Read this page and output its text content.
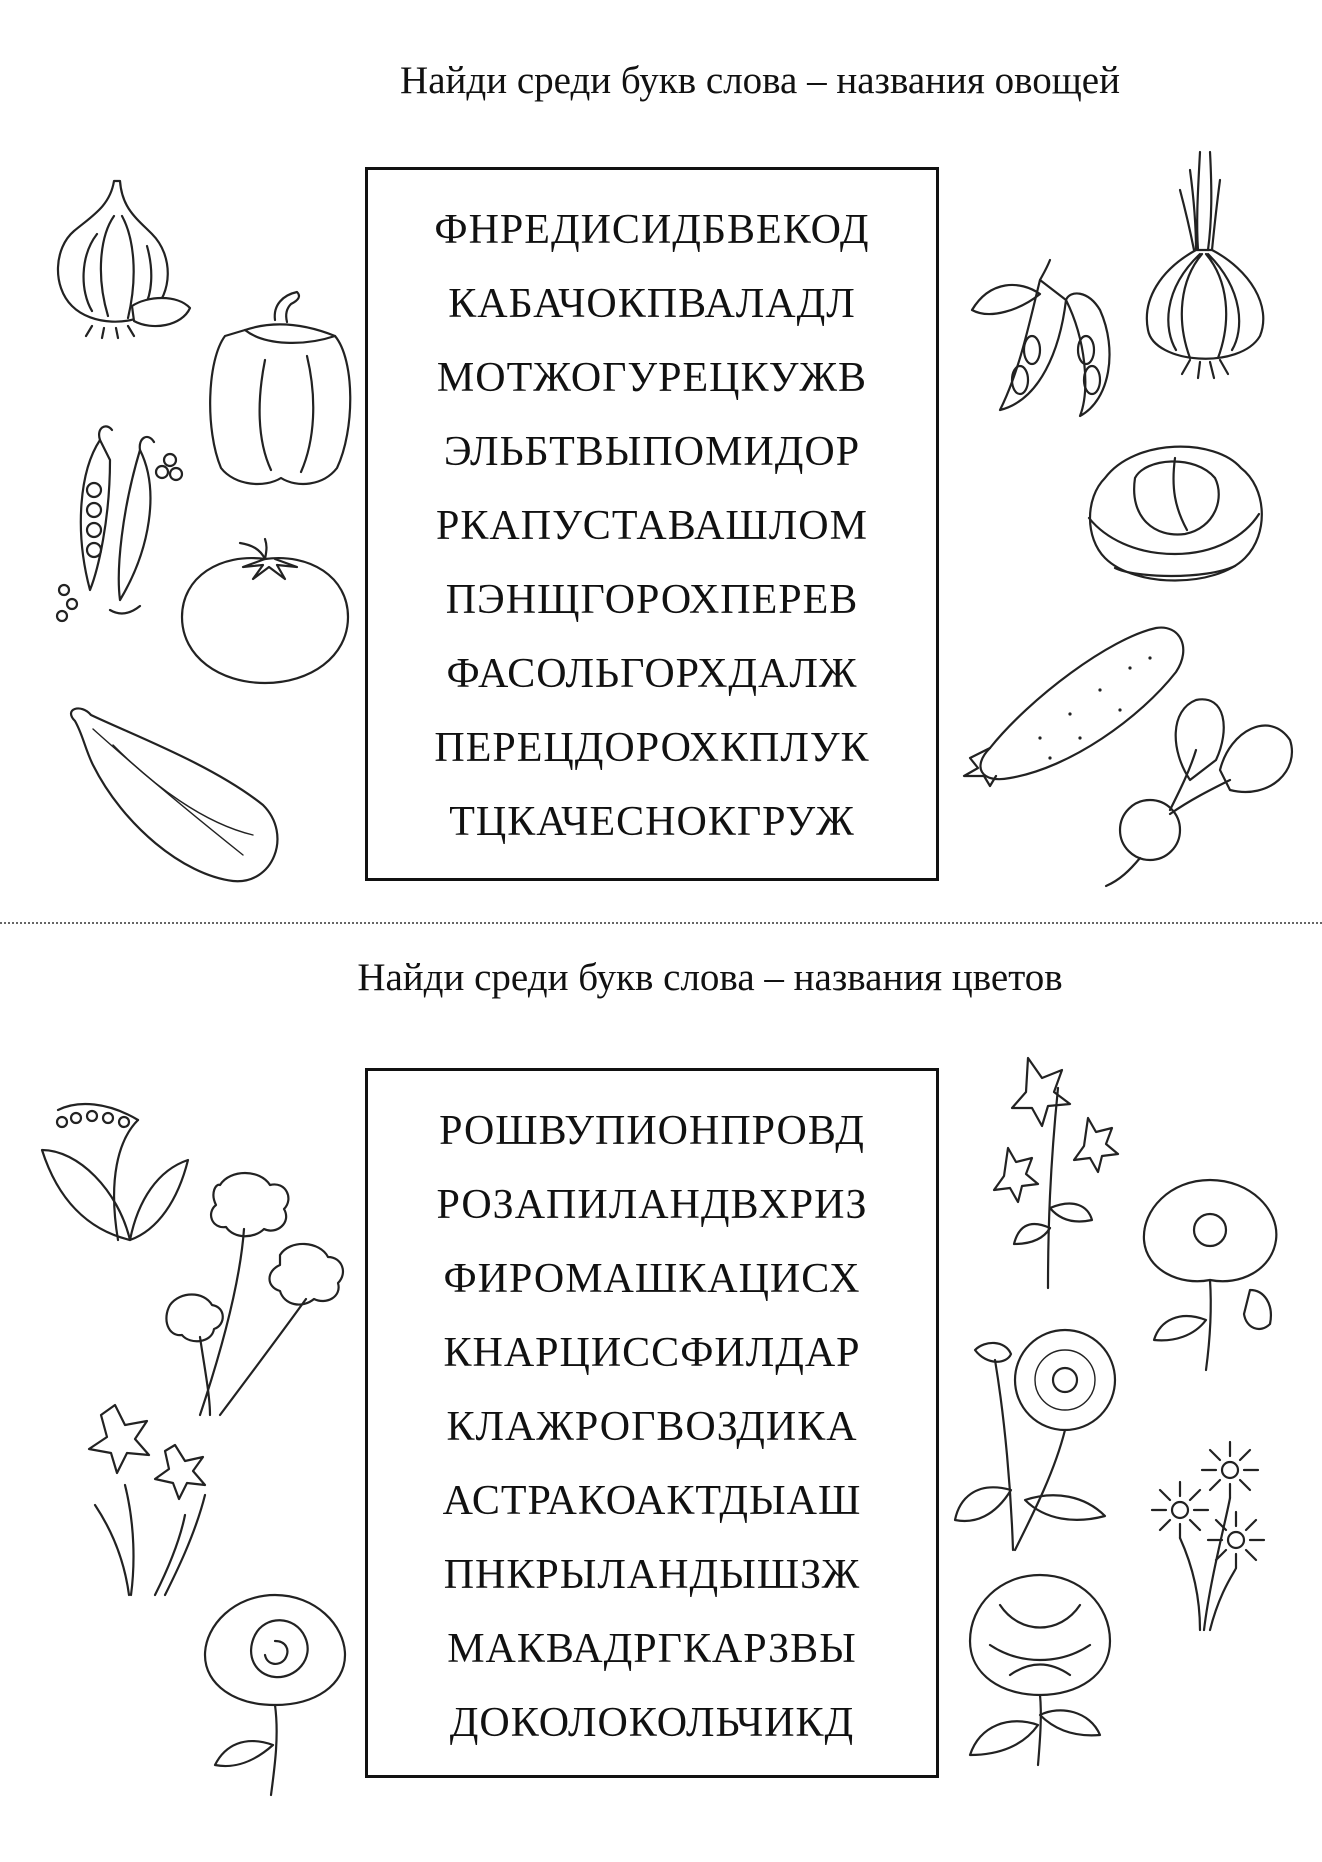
Найди среди букв слова – названия овощей
ФНРЕДИСИДБВЕКОД
КАБАЧОКПВАЛАДЛ
МОТЖОГУРЕЦКУЖВ
ЭЛЬБТВЫПОМИДОР
РКАПУСТАВАШЛОМ
ПЭНЩГОРОХПЕРЕВ
ФАСОЛЬГОРХДАЛЖ
ПЕРЕЦДОРОХКПЛУК
ТЦКАЧЕСНОКГРУЖ
Найди среди букв слова – названия цветов
РОШВУПИОНПРОВД
РОЗАПИЛАНДВХРИЗ
ФИРОМАШКАЦИСХ
КНАРЦИССФИЛДАР
КЛАЖРОГВОЗДИКА
АСТРАКОАКТДЫАШ
ПНКРЫЛАНДЫШЗЖ
МАКВАДРГКАРЗВЫ
ДОКОЛОКОЛЬЧИКД
